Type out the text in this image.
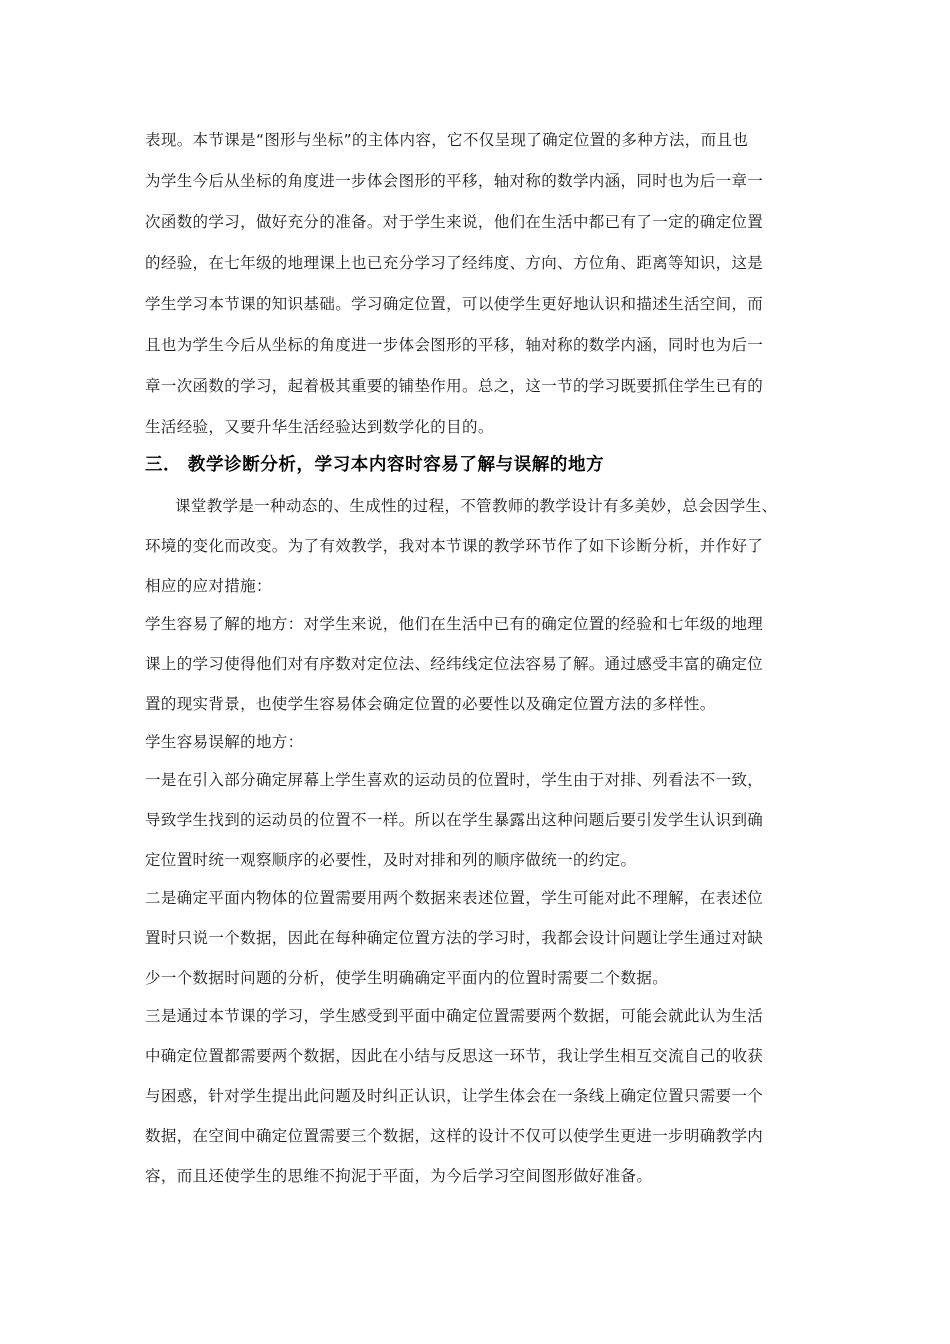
表现。本节课是“图形与坐标”的主体内容，它不仅呈现了确定位置的多种方法，而且也
为学生今后从坐标的角度进一步体会图形的平移，轴对称的数学内涵，同时也为后一章一
次函数的学习，做好充分的准备。对于学生来说，他们在生活中都已有了一定的确定位置
的经验，在七年级的地理课上也已充分学习了经纬度、方向、方位角、距离等知识，这是
学生学习本节课的知识基础。学习确定位置，可以使学生更好地认识和描述生活空间，而
且也为学生今后从坐标的角度进一步体会图形的平移，轴对称的数学内涵，同时也为后一
章一次函数的学习，起着极其重要的铺垫作用。总之，这一节的学习既要抓住学生已有的
生活经验，又要升华生活经验达到数学化的目的。
三． 教学诊断分析，学习本内容时容易了解与误解的地方
课堂教学是一种动态的、生成性的过程，不管教师的教学设计有多美妙，总会因学生、
环境的变化而改变。为了有效教学，我对本节课的教学环节作了如下诊断分析，并作好了
相应的应对措施：
学生容易了解的地方：对学生来说，他们在生活中已有的确定位置的经验和七年级的地理
课上的学习使得他们对有序数对定位法、经纬线定位法容易了解。通过感受丰富的确定位
置的现实背景，也使学生容易体会确定位置的必要性以及确定位置方法的多样性。
学生容易误解的地方：
一是在引入部分确定屏幕上学生喜欢的运动员的位置时，学生由于对排、列看法不一致，
导致学生找到的运动员的位置不一样。所以在学生暴露出这种问题后要引发学生认识到确
定位置时统一观察顺序的必要性，及时对排和列的顺序做统一的约定。
二是确定平面内物体的位置需要用两个数据来表述位置，学生可能对此不理解，在表述位
置时只说一个数据，因此在每种确定位置方法的学习时，我都会设计问题让学生通过对缺
少一个数据时问题的分析，使学生明确确定平面内的位置时需要二个数据。
三是通过本节课的学习，学生感受到平面中确定位置需要两个数据，可能会就此认为生活
中确定位置都需要两个数据，因此在小结与反思这一环节，我让学生相互交流自己的收获
与困惑，针对学生提出此问题及时纠正认识，让学生体会在一条线上确定位置只需要一个
数据，在空间中确定位置需要三个数据，这样的设计不仅可以使学生更进一步明确教学内
容，而且还使学生的思维不拘泥于平面，为今后学习空间图形做好准备。
